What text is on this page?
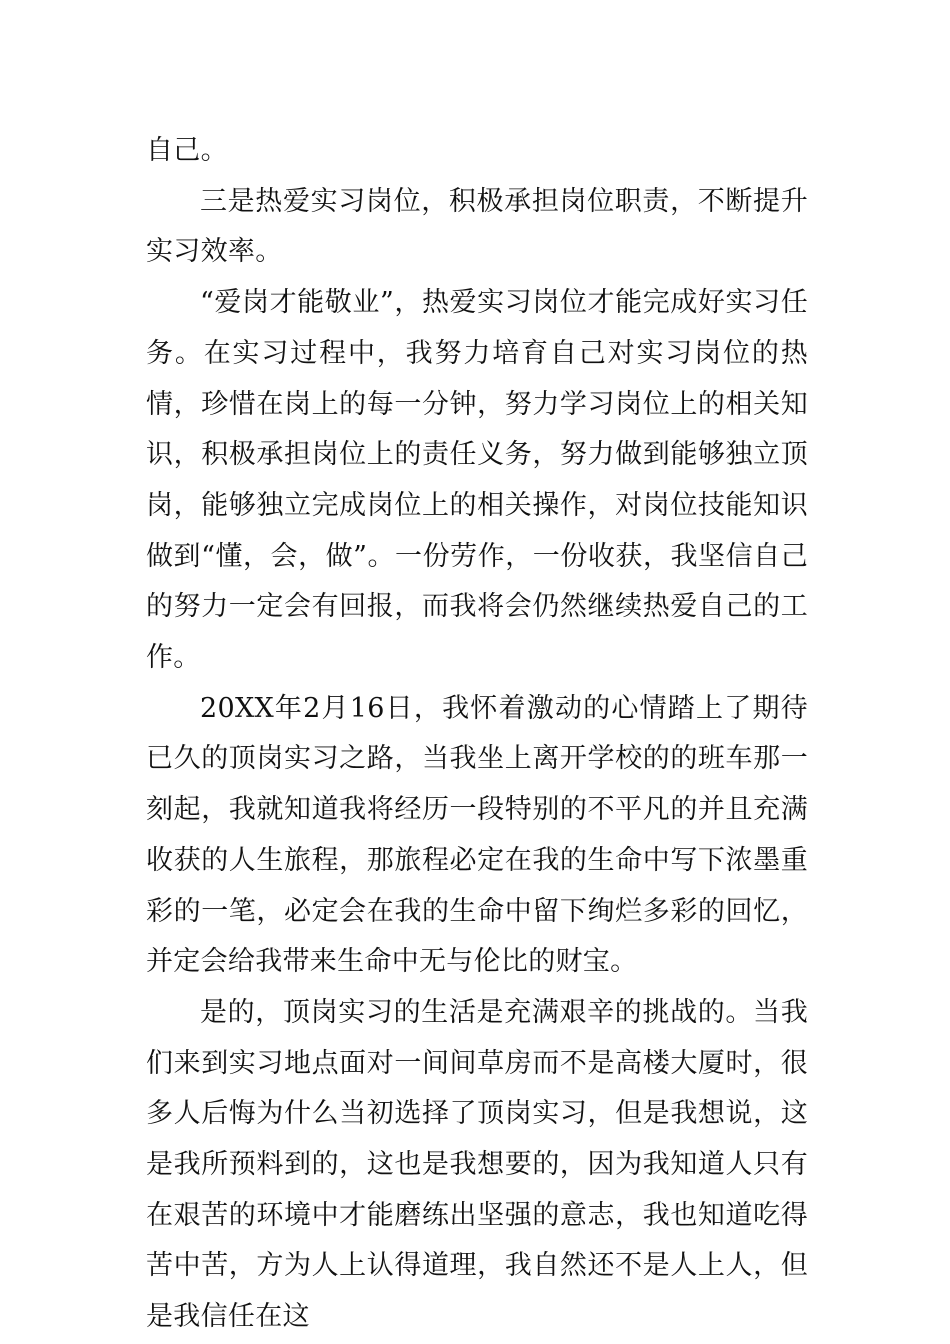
自己。

三是热爱实习岗位，积极承担岗位职责，不断提升实习效率。

“爱岗才能敬业”，热爱实习岗位才能完成好实习任务。在实习过程中，我努力培育自己对实习岗位的热情，珍惜在岗上的每一分钟，努力学习岗位上的相关知识，积极承担岗位上的责任义务，努力做到能够独立顶岗，能够独立完成岗位上的相关操作，对岗位技能知识做到“懂，会，做”。一份劳作，一份收获，我坚信自己的努力一定会有回报，而我将会仍然继续热爱自己的工作。

20XX年2月16日，我怀着激动的心情踏上了期待已久的顶岗实习之路，当我坐上离开学校的的班车那一刻起，我就知道我将经历一段特别的不平凡的并且充满收获的人生旅程，那旅程必定在我的生命中写下浓墨重彩的一笔，必定会在我的生命中留下绚烂多彩的回忆，并定会给我带来生命中无与伦比的财宝。

是的，顶岗实习的生活是充满艰辛的挑战的。当我们来到实习地点面对一间间草房而不是高楼大厦时，很多人后悔为什么当初选择了顶岗实习，但是我想说，这是我所预料到的，这也是我想要的，因为我知道人只有在艰苦的环境中才能磨练出坚强的意志，我也知道吃得苦中苦，方为人上认得道理，我自然还不是人上人，但是我信任在这
